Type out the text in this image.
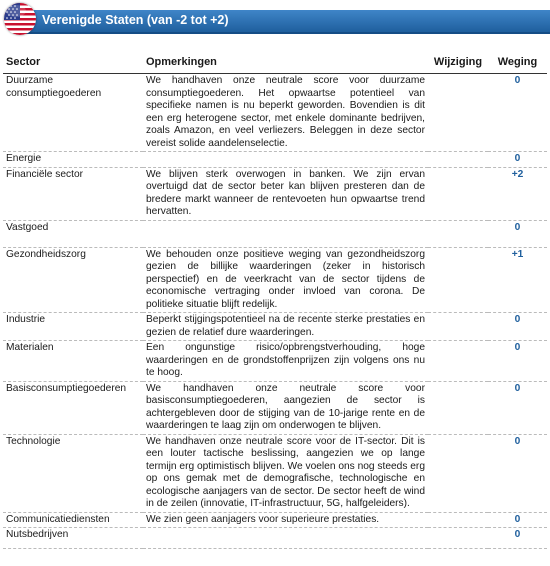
Verenigde Staten (van -2 tot +2)
Sector	Opmerkingen	Wijziging	Weging
Duurzame consumptiegoederen	We handhaven onze neutrale score voor duurzame consumptiegoederen. Het opwaartse potentieel van specifieke namen is nu beperkt geworden. Bovendien is dit een erg heterogene sector, met enkele dominante bedrijven, zoals Amazon, en veel verliezers. Beleggen in deze sector vereist solide aandelenselectie.		0
Energie			0
Financiële sector	We blijven sterk overwogen in banken. We zijn ervan overtuigd dat de sector beter kan blijven presteren dan de bredere markt wanneer de rentevoeten hun opwaartse trend hervatten.		+2
Vastgoed			0
Gezondheidszorg	We behouden onze positieve weging van gezondheidszorg gezien de billijke waarderingen (zeker in historisch perspectief) en de veerkracht van de sector tijdens de economische vertraging onder invloed van corona. De politieke situatie blijft redelijk.		+1
Industrie	Beperkt stijgingspotentieel na de recente sterke prestaties en gezien de relatief dure waarderingen.		0
Materialen	Een ongunstige risico/opbrengstverhouding, hoge waarderingen en de grondstoffenprijzen zijn volgens ons nu te hoog.		0
Basisconsumptiegoederen	We handhaven onze neutrale score voor basisconsumptiegoederen, aangezien de sector is achtergebleven door de stijging van de 10-jarige rente en de waarderingen te laag zijn om onderwogen te blijven.		0
Technologie	We handhaven onze neutrale score voor de IT-sector. Dit is een louter tactische beslissing, aangezien we op lange termijn erg optimistisch blijven. We voelen ons nog steeds erg op ons gemak met de demografische, technologische en ecologische aanjagers van de sector. De sector heeft de wind in de zeilen (innovatie, IT-infrastructuur, 5G, halfgeleiders).		0
Communicatiediensten	We zien geen aanjagers voor superieure prestaties.		0
Nutsbedrijven			0
